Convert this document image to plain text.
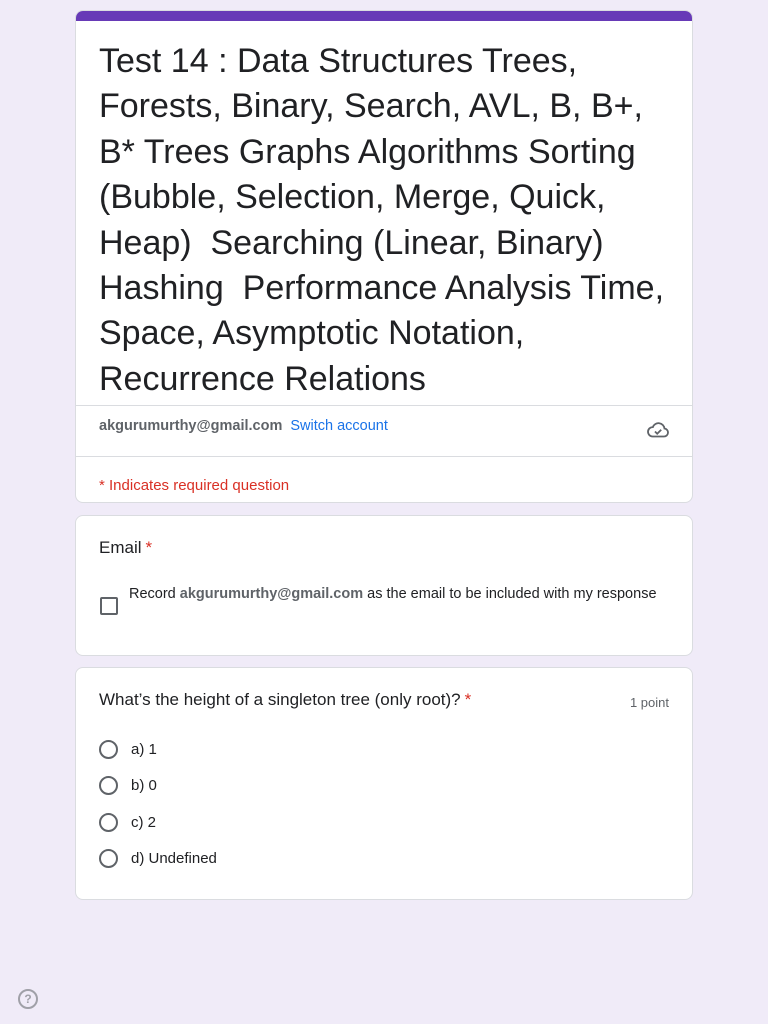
Test 14 : Data Structures Trees, Forests, Binary, Search, AVL, B, B+, B* Trees Graphs Algorithms Sorting (Bubble, Selection, Merge, Quick, Heap)  Searching (Linear, Binary)  Hashing  Performance Analysis Time, Space, Asymptotic Notation, Recurrence Relations
akgurumurthy@gmail.com Switch account
* Indicates required question
Email *
Record akgurumurthy@gmail.com as the email to be included with my response
What’s the height of a singleton tree (only root)? *	1 point
a) 1
b) 0
c) 2
d) Undefined
?
